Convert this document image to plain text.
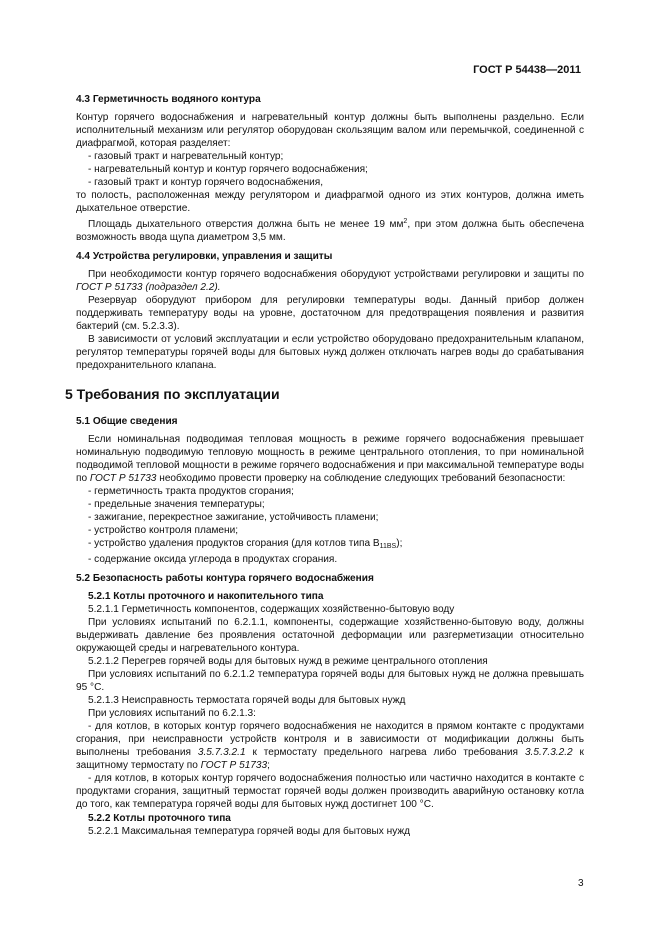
ГОСТ Р 54438—2011

4.3 Герметичность водяного контура

Контур горячего водоснабжения и нагревательный контур должны быть выполнены раздельно. Если исполнительный механизм или регулятор оборудован скользящим валом или перемычкой, соединенной с диафрагмой, которая разделяет:

- газовый тракт и нагревательный контур;

- нагревательный контур и контур горячего водоснабжения;

- газовый тракт и контур горячего водоснабжения,

то полость, расположенная между регулятором и диафрагмой одного из этих контуров, должна иметь дыхательное отверстие.

Площадь дыхательного отверстия должна быть не менее 19 $мм^2$, при этом должна быть обеспечена возможность ввода щупа диаметром 3,5 мм.

4.4 Устройства регулировки, управления и защиты

При необходимости контур горячего водоснабжения оборудуют устройствами регулировки и защиты по ГОСТ Р 51733 (подраздел 2.2).

Резервуар оборудуют прибором для регулировки температуры воды. Данный прибор должен поддерживать температуру воды на уровне, достаточном для предотвращения появления и развития бактерий (см. 5.2.3.3).

В зависимости от условий эксплуатации и если устройство оборудовано предохранительным клапаном, регулятор температуры горячей воды для бытовых нужд должен отключать нагрев воды до срабатывания предохранительного клапана.

5 Требования по эксплуатации

5.1 Общие сведения

Если номинальная подводимая тепловая мощность в режиме горячего водоснабжения превышает номинальную подводимую тепловую мощность в режиме центрального отопления, то при номинальной подводимой тепловой мощности в режиме горячего водоснабжения и при максимальной температуре воды по ГОСТ Р 51733 необходимо провести проверку на соблюдение следующих требований безопасности:

- герметичность тракта продуктов сгорания;

- предельные значения температуры;

- зажигание, перекрестное зажигание, устойчивость пламени;

- устройство контроля пламени;

- устройство удаления продуктов сгорания (для котлов типа $B_{11BS}$);

- содержание оксида углерода в продуктах сгорания.

5.2 Безопасность работы контура горячего водоснабжения

5.2.1 Котлы проточного и накопительного типа

5.2.1.1 Герметичность компонентов, содержащих хозяйственно-бытовую воду

При условиях испытаний по 6.2.1.1, компоненты, содержащие хозяйственно-бытовую воду, должны выдерживать давление без проявления остаточной деформации или разгерметизации относительно окружающей среды и нагревательного контура.

5.2.1.2 Перегрев горячей воды для бытовых нужд в режиме центрального отопления

При условиях испытаний по 6.2.1.2 температура горячей воды для бытовых нужд не должна превышать 95 °С.

5.2.1.3 Неисправность термостата горячей воды для бытовых нужд

При условиях испытаний по 6.2.1.3:

- для котлов, в которых контур горячего водоснабжения не находится в прямом контакте с продуктами сгорания, при неисправности устройств контроля и в зависимости от модификации должны быть выполнены требования 3.5.7.3.2.1 к термостату предельного нагрева либо требования 3.5.7.3.2.2 к защитному термостату по ГОСТ Р 51733;

- для котлов, в которых контур горячего водоснабжения полностью или частично находится в контакте с продуктами сгорания, защитный термостат горячей воды должен производить аварийную остановку котла до того, как температура горячей воды для бытовых нужд достигнет 100 °С.

5.2.2 Котлы проточного типа

5.2.2.1 Максимальная температура горячей воды для бытовых нужд

3
